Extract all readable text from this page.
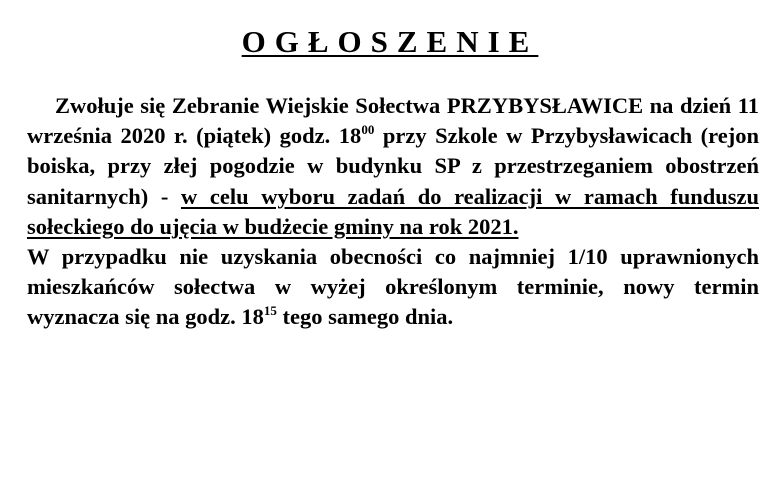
OGŁOSZENIE

Zwołuje się Zebranie Wiejskie Sołectwa PRZYBYSŁAWICE na dzień 11 września 2020 r. (piątek) godz. $18^{00}$ przy Szkole w Przybysławicach (rejon boiska, przy złej pogodzie w budynku SP z przestrzeganiem obostrzeń sanitarnych) - w celu wyboru zadań do realizacji w ramach funduszu sołeckiego do ujęcia w budżecie gminy na rok 2021.

W przypadku nie uzyskania obecności co najmniej 1/10 uprawnionych mieszkańców sołectwa w wyżej określonym terminie, nowy termin wyznacza się na godz. $18^{15}$ tego samego dnia.
